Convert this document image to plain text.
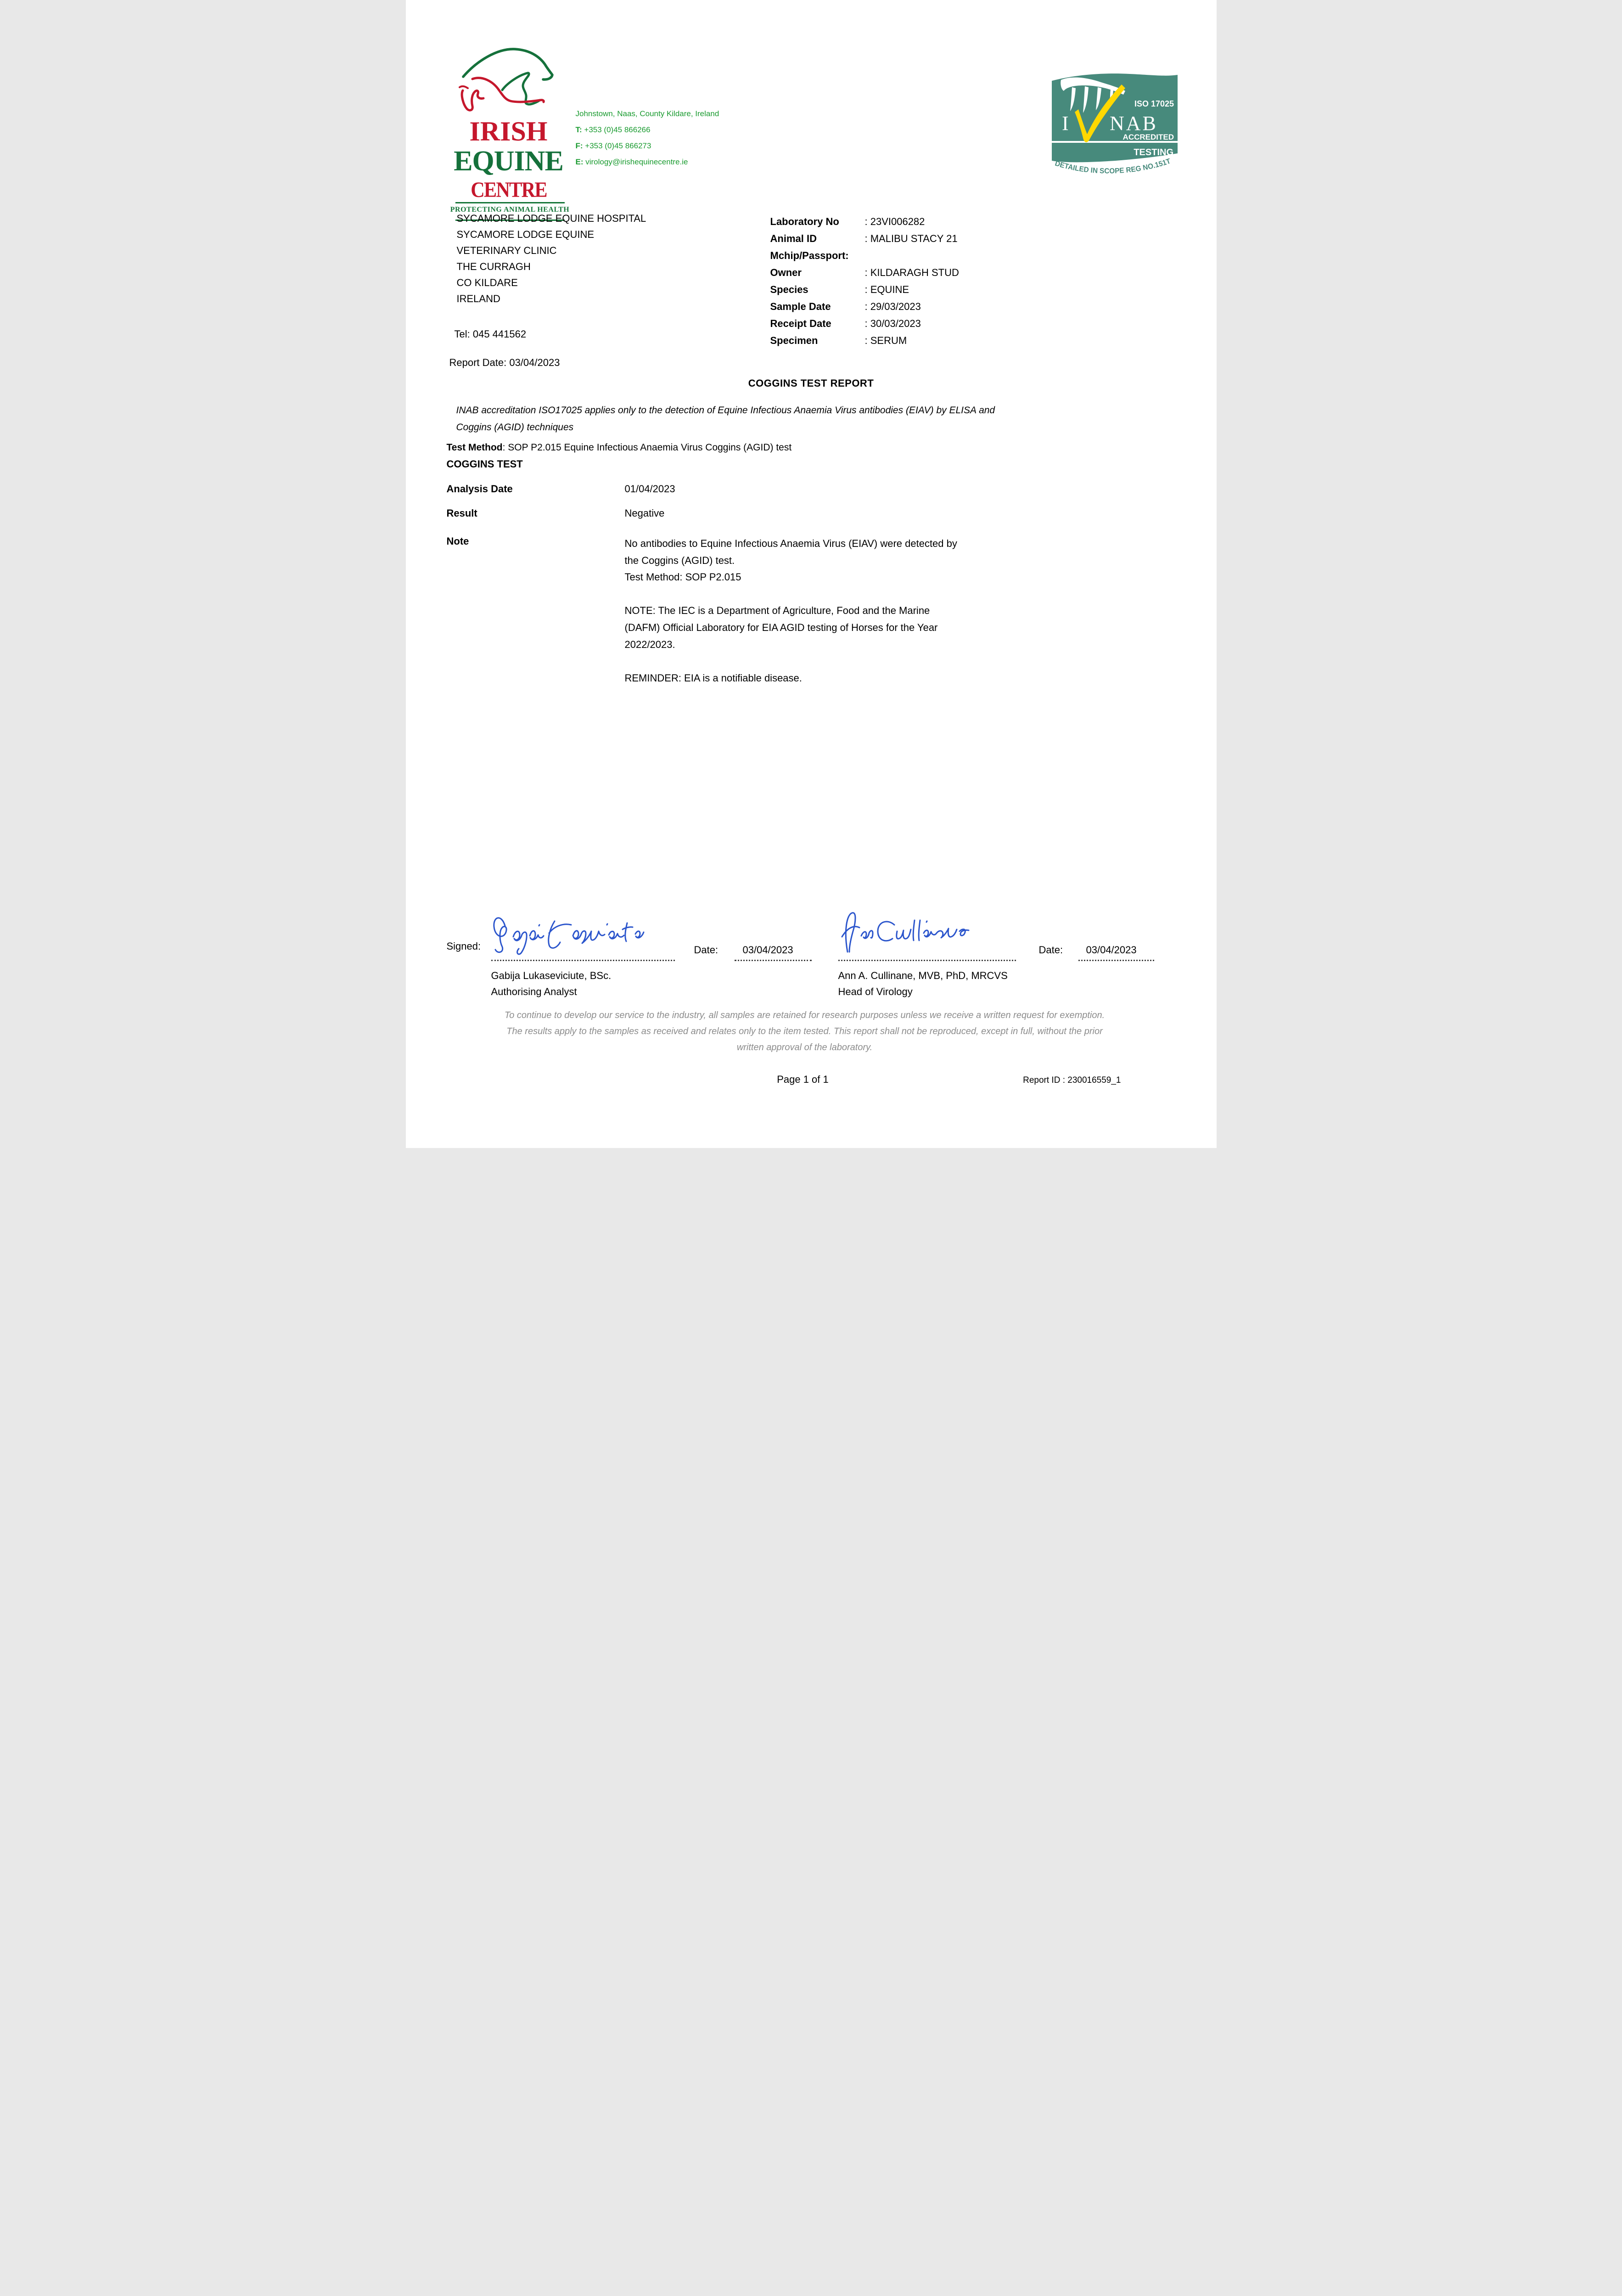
IRISH
EQUINE
CENTRE
PROTECTING ANIMAL HEALTH
Johnstown, Naas, County Kildare, Ireland
T: +353 (0)45 866266
F: +353 (0)45 866273
E: virology@irishequinecentre.ie
ISO 17025
I NAB
ACCREDITED
TESTING
DETAILED IN SCOPE REG NO.151T
SYCAMORE LODGE EQUINE HOSPITAL
SYCAMORE LODGE EQUINE
VETERINARY CLINIC
THE CURRAGH
CO KILDARE
IRELAND
Tel: 045 441562
Report Date: 03/04/2023
Laboratory No	: 23VI006282
Animal ID	: MALIBU STACY 21
Mchip/Passport:
Owner	: KILDARAGH STUD
Species	: EQUINE
Sample Date	: 29/03/2023
Receipt Date	: 30/03/2023
Specimen	: SERUM
COGGINS TEST REPORT
INAB accreditation ISO17025 applies only to the detection of Equine Infectious Anaemia Virus antibodies (EIAV) by ELISA and
Coggins (AGID) techniques
Test Method: SOP P2.015 Equine Infectious Anaemia Virus Coggins (AGID) test
COGGINS TEST
Analysis Date	01/04/2023
Result	Negative
Note	No antibodies to Equine Infectious Anaemia Virus (EIAV) were detected by
the Coggins (AGID) test.
Test Method: SOP P2.015
NOTE: The IEC is a Department of Agriculture, Food and the Marine
(DAFM) Official Laboratory for EIA AGID testing of Horses for the Year
2022/2023.
REMINDER: EIA is a notifiable disease.
Signed:	Date: 03/04/2023	Date: 03/04/2023
Gabija Lukaseviciute, BSc.
Authorising Analyst
Ann A. Cullinane, MVB, PhD, MRCVS
Head of Virology
To continue to develop our service to the industry, all samples are retained for research purposes unless we receive a written request for exemption.
The results apply to the samples as received and relates only to the item tested. This report shall not be reproduced, except in full, without the prior
written approval of the laboratory.
Page 1 of 1	Report ID : 230016559_1
